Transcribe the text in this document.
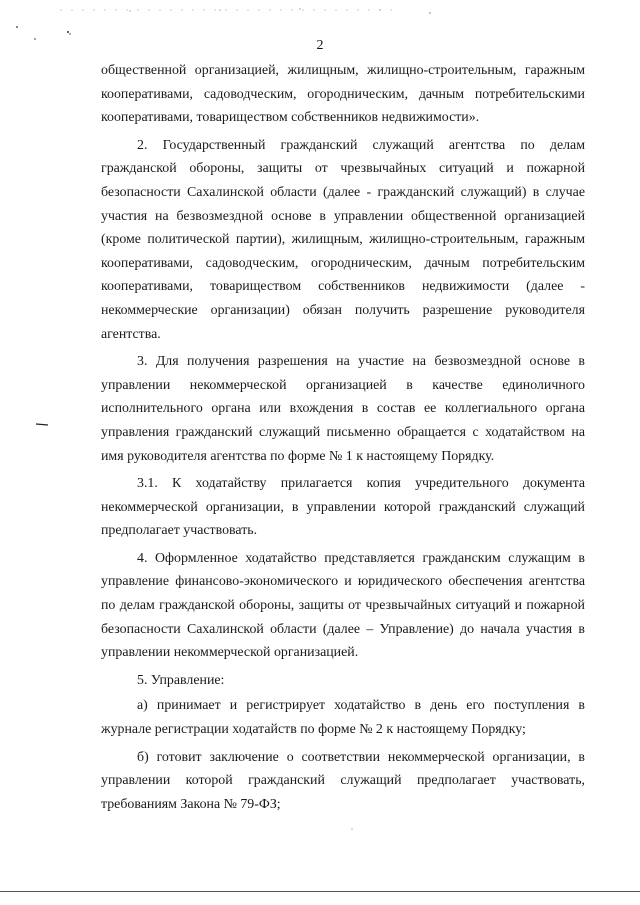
2

общественной организацией, жилищным, жилищно-строительным, гаражным кооперативами, садоводческим, огородническим, дачным потребительскими кооперативами, товариществом собственников недвижимости».

2. Государственный гражданский служащий агентства по делам гражданской обороны, защиты от чрезвычайных ситуаций и пожарной безопасности Сахалинской области (далее - гражданский служащий) в случае участия на безвозмездной основе в управлении общественной организацией (кроме политической партии), жилищным, жилищно-строительным, гаражным кооперативами, садоводческим, огородническим, дачным потребительским кооперативами, товариществом собственников недвижимости (далее - некоммерческие организации) обязан получить разрешение руководителя агентства.

3. Для получения разрешения на участие на безвозмездной основе в управлении некоммерческой организацией в качестве единоличного исполнительного органа или вхождения в состав ее коллегиального органа управления гражданский служащий письменно обращается с ходатайством на имя руководителя агентства по форме № 1 к настоящему Порядку.

3.1. К ходатайству прилагается копия учредительного документа некоммерческой организации, в управлении которой гражданский служащий предполагает участвовать.

4. Оформленное ходатайство представляется гражданским служащим в управление финансово-экономического и юридического обеспечения агентства по делам гражданской обороны, защиты от чрезвычайных ситуаций и пожарной безопасности Сахалинской области (далее – Управление) до начала участия в управлении некоммерческой организацией.

5. Управление:

а) принимает и регистрирует ходатайство в день его поступления в журнале регистрации ходатайств по форме № 2 к настоящему Порядку;

б) готовит заключение о соответствии некоммерческой организации, в управлении которой гражданский служащий предполагает участвовать, требованиям Закона № 79-ФЗ;
